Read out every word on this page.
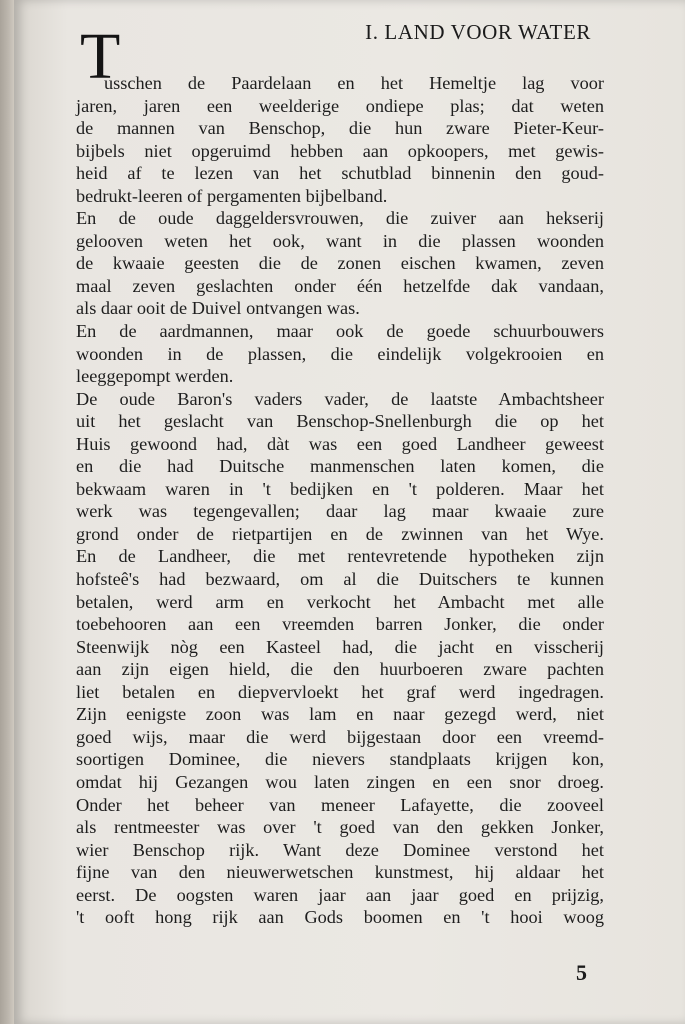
I. LAND VOOR WATER
T
usschen de Paardelaan en het Hemeltje lag voor
jaren, jaren een weelderige ondiepe plas; dat weten
de mannen van Benschop, die hun zware Pieter-Keur-
bijbels niet opgeruimd hebben aan opkoopers, met gewis-
heid af te lezen van het schutblad binnenin den goud-
bedrukt-leeren of pergamenten bijbelband.
En de oude daggeldersvrouwen, die zuiver aan hekserij
gelooven weten het ook, want in die plassen woonden
de kwaaie geesten die de zonen eischen kwamen, zeven
maal zeven geslachten onder één hetzelfde dak vandaan,
als daar ooit de Duivel ontvangen was.
En de aardmannen, maar ook de goede schuurbouwers
woonden in de plassen, die eindelijk volgekrooien en
leeggepompt werden.
De oude Baron's vaders vader, de laatste Ambachtsheer
uit het geslacht van Benschop-Snellenburgh die op het
Huis gewoond had, dàt was een goed Landheer geweest
en die had Duitsche manmenschen laten komen, die
bekwaam waren in 't bedijken en 't polderen. Maar het
werk was tegengevallen; daar lag maar kwaaie zure
grond onder de rietpartijen en de zwinnen van het Wye.
En de Landheer, die met rentevretende hypotheken zijn
hofsteê's had bezwaard, om al die Duitschers te kunnen
betalen, werd arm en verkocht het Ambacht met alle
toebehooren aan een vreemden barren Jonker, die onder
Steenwijk nòg een Kasteel had, die jacht en visscherij
aan zijn eigen hield, die den huurboeren zware pachten
liet betalen en diepvervloekt het graf werd ingedragen.
Zijn eenigste zoon was lam en naar gezegd werd, niet
goed wijs, maar die werd bijgestaan door een vreemd-
soortigen Dominee, die nievers standplaats krijgen kon,
omdat hij Gezangen wou laten zingen en een snor droeg.
Onder het beheer van meneer Lafayette, die zooveel
als rentmeester was over 't goed van den gekken Jonker,
wier Benschop rijk. Want deze Dominee verstond het
fijne van den nieuwerwetschen kunstmest, hij aldaar het
eerst. De oogsten waren jaar aan jaar goed en prijzig,
't ooft hong rijk aan Gods boomen en 't hooi woog
5
